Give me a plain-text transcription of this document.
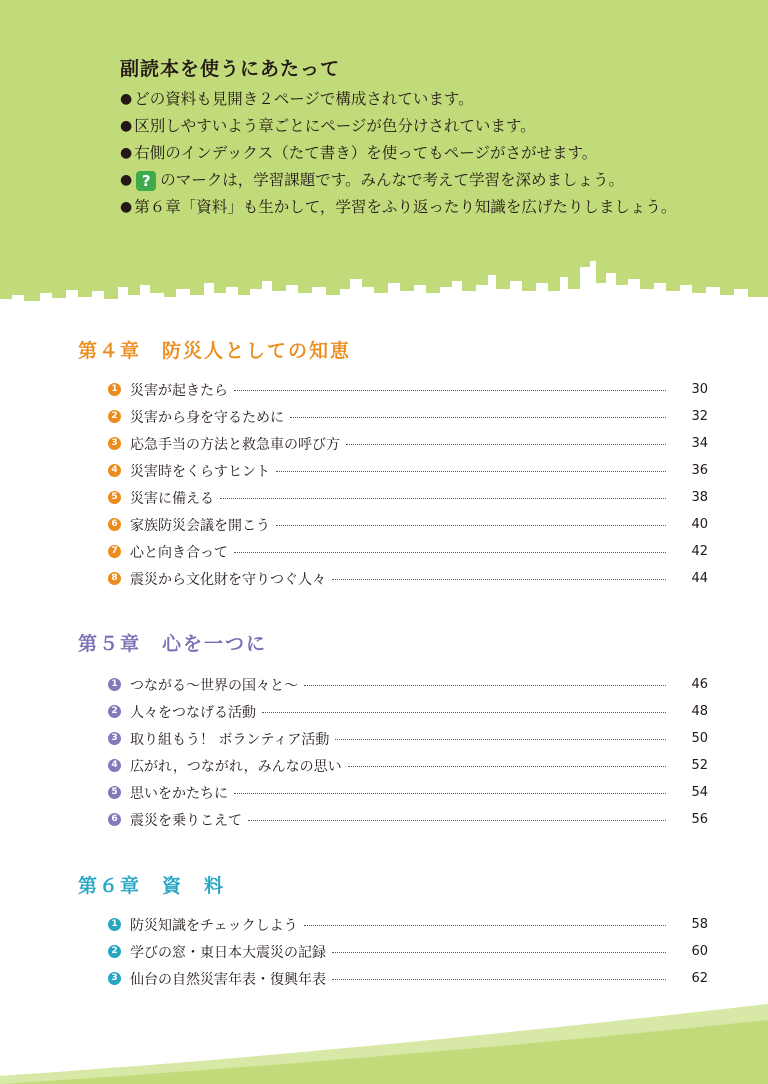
副読本を使うにあたって
● どの資料も見開き２ページで構成されています。
● 区別しやすいよう章ごとにページが色分けされています。
● 右側のインデックス（たて書き）を使ってもページがさがせます。
● ? のマークは，学習課題です。みんなで考えて学習を深めましょう。
● 第６章「資料」も生かして，学習をふり返ったり知識を広げたりしましょう。
第４章　防災人としての知恵
1 災害が起きたら	30
2 災害から身を守るために	32
3 応急手当の方法と救急車の呼び方	34
4 災害時をくらすヒント	36
5 災害に備える	38
6 家族防災会議を開こう	40
7 心と向き合って	42
8 震災から文化財を守りつぐ人々	44
第５章　心を一つに
1 つながる〜世界の国々と〜	46
2 人々をつなげる活動	48
3 取り組もう！ ボランティア活動	50
4 広がれ，つながれ，みんなの思い	52
5 思いをかたちに	54
6 震災を乗りこえて	56
第６章　資　料
1 防災知識をチェックしよう	58
2 学びの窓・東日本大震災の記録	60
3 仙台の自然災害年表・復興年表	62
